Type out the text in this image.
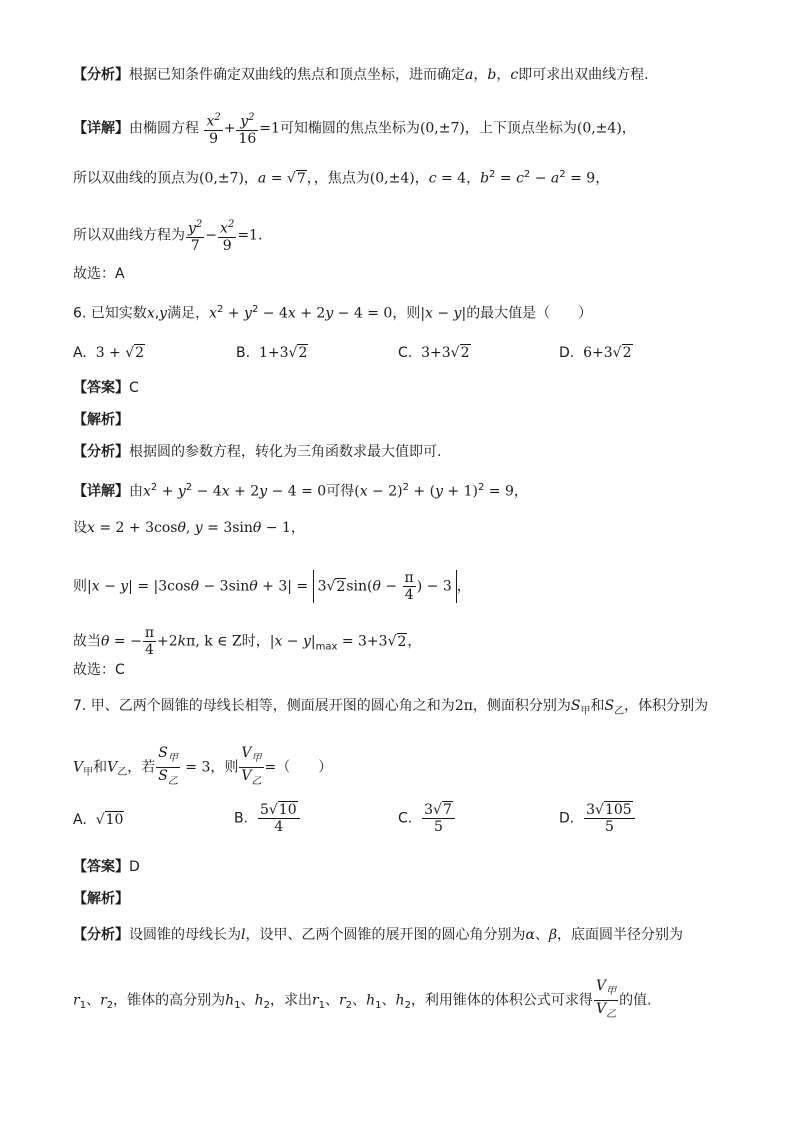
【分析】根据已知条件确定双曲线的焦点和顶点坐标，进而确定a，b，c即可求出双曲线方程.
【详解】由椭圆方程 $\frac{x^2}{9} + \frac{y^2}{16} =1$可知椭圆的焦点坐标为(0,±7)，上下顶点坐标为(0,±4)，
所以双曲线的顶点为(0,±7)，a = √7，，焦点为(0,±4)，c = 4，$b^2 = c^2 - a^2 = 9$，
所以双曲线方程为 $\frac{y^2}{7} - \frac{x^2}{9} =1$.
故选：A
6. 已知实数x,y满足，$x^2 + y^2 - 4x + 2y - 4 = 0$，则|x − y|的最大值是（　　）
A. 3 + √2	B. 1+3√2	C. 3+3√2	D. 6+3√2
【答案】C
【解析】
【分析】根据圆的参数方程，转化为三角函数求最大值即可.
【详解】由$x^2 + y^2 - 4x + 2y - 4 = 0$可得$(x - 2)^2 + (y + 1)^2 = 9$，
设x = 2 + 3cosθ, y = 3sinθ − 1，
则$|x - y| = |3\cos\theta - 3\sin\theta + 3| = 3√2\sin(\theta - \frac{\pi}{4}$ ) − 3 ，
故当θ = − $\frac{\pi}{4} +2k\pi$, k ∈ Z时，$|x - y|_{max} = 3+3√2$，
故选：C
7. 甲、乙两个圆锥的母线长相等，侧面展开图的圆心角之和为2π，侧面积分别为$S_甲$和$S_乙$，体积分别为
$V_甲$和$V_乙$，若 $\frac{S_甲}{S_乙} = 3$，则 $\frac{V_甲}{V_乙}$ =（　　）
A. √10	B. $\frac{5√10}{4}$	C. $\frac{3√7}{5}$	D. $\frac{3√105}{5}$
【答案】D
【解析】
【分析】设圆锥的母线长为l，设甲、乙两个圆锥的展开图的圆心角分别为α、β，底面圆半径分别为
$r_1$、$r_2$，锥体的高分别为$h_1$、$h_2$，求出$r_1$、$r_2$、$h_1$、$h_2$，利用锥体的体积公式可求得 $\frac{V_甲}{V_乙}$ 的值.
